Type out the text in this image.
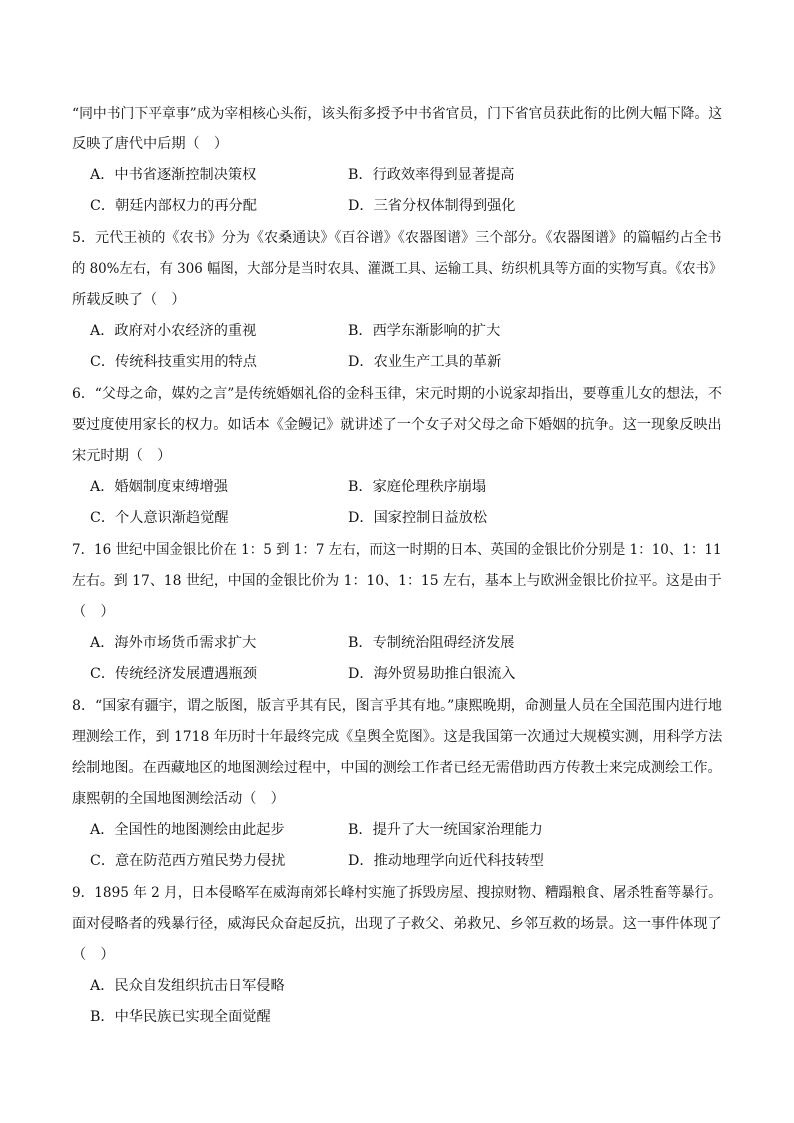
“同中书门下平章事”成为宰相核心头衔，该头衔多授予中书省官员，门下省官员获此衔的比例大幅下降。这
反映了唐代中后期（　）
A．中书省逐渐控制决策权	B．行政效率得到显著提高
C．朝廷内部权力的再分配	D．三省分权体制得到强化
5．元代王祯的《农书》分为《农桑通诀》《百谷谱》《农器图谱》三个部分。《农器图谱》的篇幅约占全书
的 80%左右，有 306 幅图，大部分是当时农具、灌溉工具、运输工具、纺织机具等方面的实物写真。《农书》
所载反映了（　）
A．政府对小农经济的重视	B．西学东渐影响的扩大
C．传统科技重实用的特点	D．农业生产工具的革新
6．“父母之命，媒妁之言”是传统婚姻礼俗的金科玉律，宋元时期的小说家却指出，要尊重儿女的想法，不
要过度使用家长的权力。如话本《金鳗记》就讲述了一个女子对父母之命下婚姻的抗争。这一现象反映出
宋元时期（　）
A．婚姻制度束缚增强	B．家庭伦理秩序崩塌
C．个人意识渐趋觉醒	D．国家控制日益放松
7．16 世纪中国金银比价在 1：5 到 1：7 左右，而这一时期的日本、英国的金银比价分别是 1：10、1：11
左右。到 17、18 世纪，中国的金银比价为 1：10、1：15 左右，基本上与欧洲金银比价拉平。这是由于
（　）
A．海外市场货币需求扩大	B．专制统治阻碍经济发展
C．传统经济发展遭遇瓶颈	D．海外贸易助推白银流入
8．“国家有疆宇，谓之版图，版言乎其有民，图言乎其有地。”康熙晚期，命测量人员在全国范围内进行地
理测绘工作，到 1718 年历时十年最终完成《皇舆全览图》。这是我国第一次通过大规模实测，用科学方法
绘制地图。在西藏地区的地图测绘过程中，中国的测绘工作者已经无需借助西方传教士来完成测绘工作。
康熙朝的全国地图测绘活动（　）
A．全国性的地图测绘由此起步	B．提升了大一统国家治理能力
C．意在防范西方殖民势力侵扰	D．推动地理学向近代科技转型
9．1895 年 2 月，日本侵略军在威海南郊长峰村实施了拆毁房屋、搜掠财物、糟蹋粮食、屠杀牲畜等暴行。
面对侵略者的残暴行径，威海民众奋起反抗，出现了子救父、弟救兄、乡邻互救的场景。这一事件体现了
（　）
A．民众自发组织抗击日军侵略
B．中华民族已实现全面觉醒
